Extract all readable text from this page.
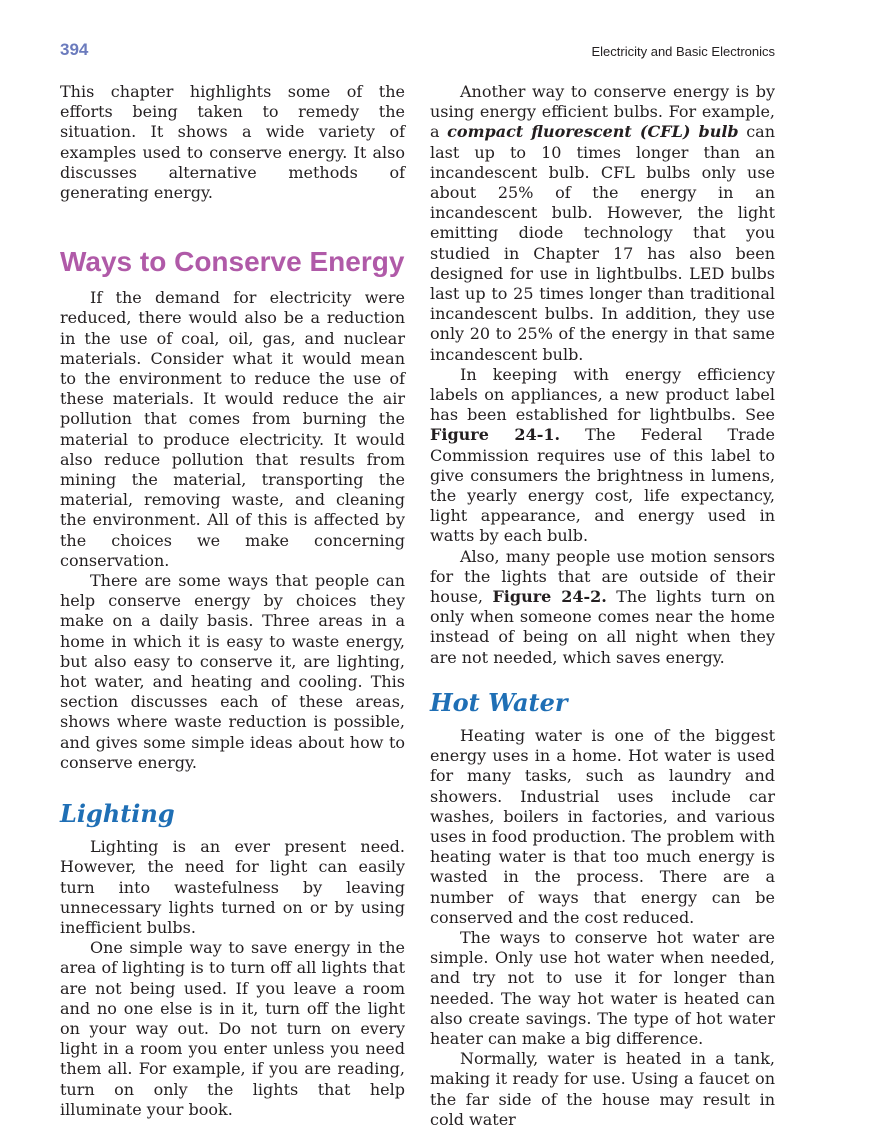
394	Electricity and Basic Electronics

This chapter highlights some of the efforts being taken to remedy the situation. It shows a wide variety of examples used to conserve energy. It also discusses alternative methods of generating energy.

Ways to Conserve Energy

If the demand for electricity were reduced, there would also be a reduction in the use of coal, oil, gas, and nuclear materials. Consider what it would mean to the environment to reduce the use of these materials. It would reduce the air pollution that comes from burning the material to produce electricity. It would also reduce pollution that results from mining the material, transporting the material, removing waste, and cleaning the environment. All of this is affected by the choices we make concerning conservation.

There are some ways that people can help conserve energy by choices they make on a daily basis. Three areas in a home in which it is easy to waste energy, but also easy to conserve it, are lighting, hot water, and heating and cooling. This section discusses each of these areas, shows where waste reduction is possible, and gives some simple ideas about how to conserve energy.

Lighting

Lighting is an ever present need. However, the need for light can easily turn into wastefulness by leaving unnecessary lights turned on or by using inefficient bulbs.

One simple way to save energy in the area of lighting is to turn off all lights that are not being used. If you leave a room and no one else is in it, turn off the light on your way out. Do not turn on every light in a room you enter unless you need them all. For example, if you are reading, turn on only the lights that help illuminate your book.

Another way to conserve energy is by using energy efficient bulbs. For example, a compact fluorescent (CFL) bulb can last up to 10 times longer than an incandescent bulb. CFL bulbs only use about 25% of the energy in an incandescent bulb. However, the light emitting diode technology that you studied in Chapter 17 has also been designed for use in lightbulbs. LED bulbs last up to 25 times longer than traditional incandescent bulbs. In addition, they use only 20 to 25% of the energy in that same incandescent bulb.

In keeping with energy efficiency labels on appliances, a new product label has been established for lightbulbs. See Figure 24-1. The Federal Trade Commission requires use of this label to give consumers the brightness in lumens, the yearly energy cost, life expectancy, light appearance, and energy used in watts by each bulb.

Also, many people use motion sensors for the lights that are outside of their house, Figure 24-2. The lights turn on only when someone comes near the home instead of being on all night when they are not needed, which saves energy.

Hot Water

Heating water is one of the biggest energy uses in a home. Hot water is used for many tasks, such as laundry and showers. Industrial uses include car washes, boilers in factories, and various uses in food production. The problem with heating water is that too much energy is wasted in the process. There are a number of ways that energy can be conserved and the cost reduced.

The ways to conserve hot water are simple. Only use hot water when needed, and try not to use it for longer than needed. The way hot water is heated can also create savings. The type of hot water heater can make a big difference.

Normally, water is heated in a tank, making it ready for use. Using a faucet on the far side of the house may result in cold water
